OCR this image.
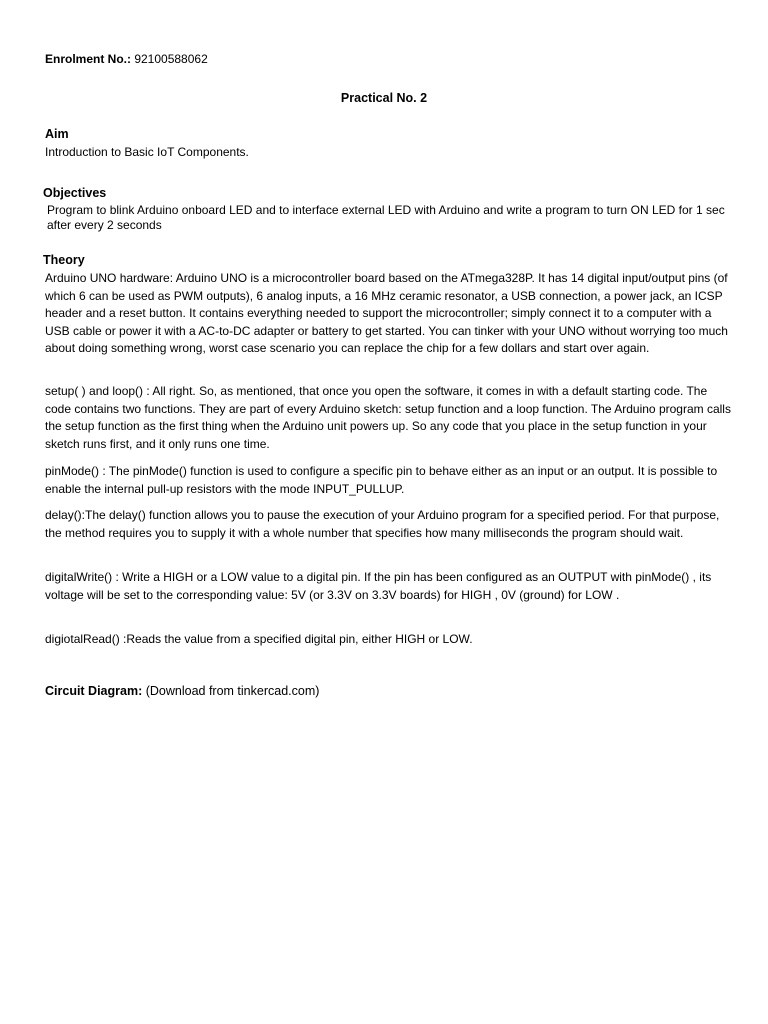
Enrolment No.: 92100588062
Practical No. 2
Aim
Introduction to Basic IoT Components.
Objectives
Program to blink Arduino onboard LED and to interface external LED with Arduino and write a program to turn ON LED for 1 sec after every 2 seconds
Theory
Arduino UNO hardware: Arduino UNO is a microcontroller board based on the ATmega328P. It has 14 digital input/output pins (of which 6 can be used as PWM outputs), 6 analog inputs, a 16 MHz ceramic resonator, a USB connection, a power jack, an ICSP header and a reset button. It contains everything needed to support the microcontroller; simply connect it to a computer with a USB cable or power it with a AC-to-DC adapter or battery to get started. You can tinker with your UNO without worrying too much about doing something wrong, worst case scenario you can replace the chip for a few dollars and start over again.
setup( ) and loop() : All right. So, as mentioned, that once you open the software, it comes in with a default starting code. The code contains two functions. They are part of every Arduino sketch: setup function and a loop function. The Arduino program calls the setup function as the first thing when the Arduino unit powers up. So any code that you place in the setup function in your sketch runs first, and it only runs one time.
pinMode() : The pinMode() function is used to configure a specific pin to behave either as an input or an output. It is possible to enable the internal pull-up resistors with the mode INPUT_PULLUP.
delay():The delay() function allows you to pause the execution of your Arduino program for a specified period. For that purpose, the method requires you to supply it with a whole number that specifies how many milliseconds the program should wait.
digitalWrite() : Write a HIGH or a LOW value to a digital pin. If the pin has been configured as an OUTPUT with pinMode() , its voltage will be set to the corresponding value: 5V (or 3.3V on 3.3V boards) for HIGH , 0V (ground) for LOW .
digiotalRead() :Reads the value from a specified digital pin, either HIGH or LOW.
Circuit Diagram: (Download from tinkercad.com)
